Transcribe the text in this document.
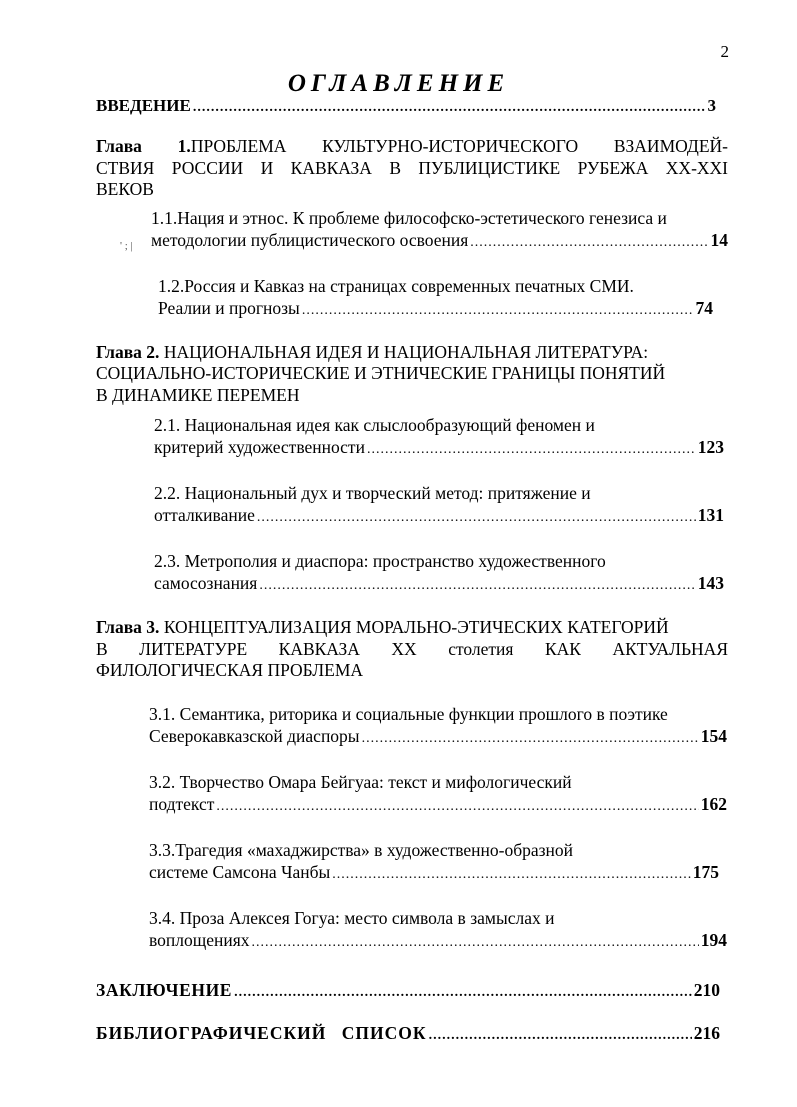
2
ОГЛАВЛЕНИЕ
' ; |
ВВЕДЕНИЕ .....	3
Глава 1.ПРОБЛЕМА КУЛЬТУРНО-ИСТОРИЧЕСКОГО ВЗАИМОДЕЙ-
СТВИЯ РОССИИ И КАВКАЗА В ПУБЛИЦИСТИКЕ РУБЕЖА XX-XXI
ВЕКОВ
1.1.Нация и этнос. К проблеме философско-эстетического генезиса и
методологии публицистического освоения .....	14
1.2.Россия и Кавказ на страницах современных печатных СМИ.
Реалии и прогнозы .....	74
Глава 2. НАЦИОНАЛЬНАЯ ИДЕЯ И НАЦИОНАЛЬНАЯ ЛИТЕРАТУРА:
СОЦИАЛЬНО-ИСТОРИЧЕСКИЕ И ЭТНИЧЕСКИЕ ГРАНИЦЫ ПОНЯТИЙ
В ДИНАМИКЕ ПЕРЕМЕН
2.1. Национальная идея как слыслообразующий феномен и
критерий художественности .....	123
2.2. Национальный дух и творческий метод: притяжение и
отталкивание .....	131
2.3. Метрополия и диаспора: пространство художественного
самосознания .....	143
Глава 3. КОНЦЕПТУАЛИЗАЦИЯ МОРАЛЬНО-ЭТИЧЕСКИХ КАТЕГОРИЙ
В ЛИТЕРАТУРЕ КАВКАЗА XX столетия КАК АКТУАЛЬНАЯ
ФИЛОЛОГИЧЕСКАЯ ПРОБЛЕМА
3.1. Семантика, риторика и социальные функции прошлого в поэтике
Северокавказской диаспоры .....	154
3.2. Творчество Омара Бейгуаа: текст и мифологический
подтекст .....	162
3.3.Трагедия «махаджирства» в художественно-образной
системе Самсона Чанбы .....	175
3.4. Проза Алексея Гогуа: место символа в замыслах и
воплощениях .....	194
ЗАКЛЮЧЕНИЕ .....	210
БИБЛИОГРАФИЧЕСКИЙ СПИСОК .....	216
